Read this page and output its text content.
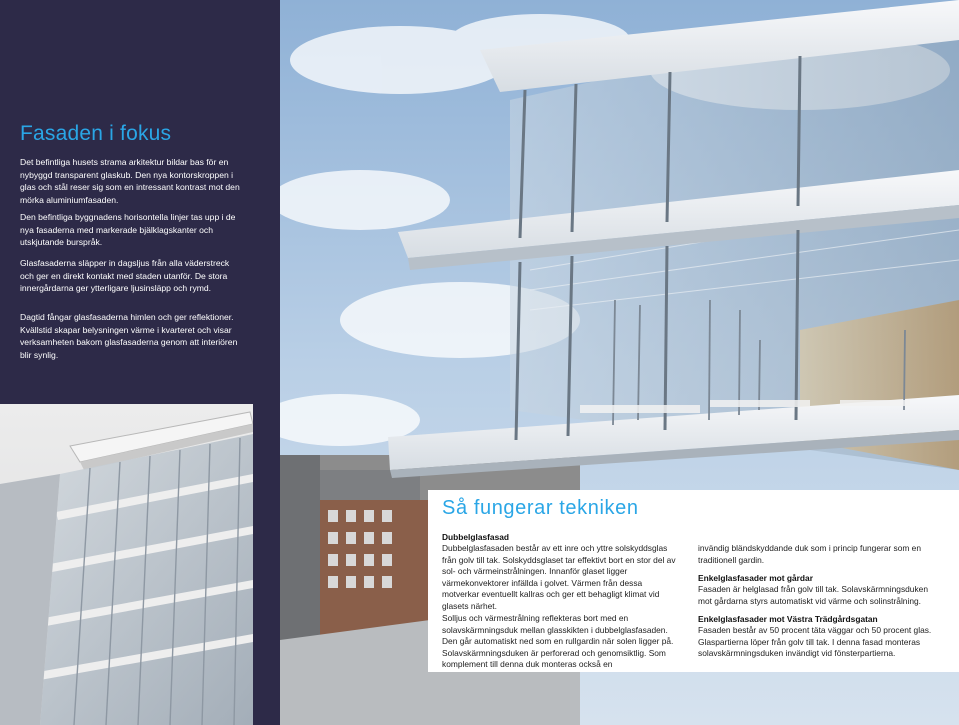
Fasaden i fokus

Det befintliga husets strama arkitektur bildar bas för en nybyggd transparent glaskub. Den nya kontorskroppen i glas och stål reser sig som en intressant kontrast mot den mörka aluminiumfasaden.

Den befintliga byggnadens horisontella linjer tas upp i de nya fasaderna med markerade bjälklagskanter och utskjutande burspråk.

Glasfasaderna släpper in dagsljus från alla väderstreck och ger en direkt kontakt med staden utanför. De stora innergårdarna ger ytterligare ljusinsläpp och rymd.

Dagtid fångar glasfasaderna himlen och ger reflektioner. Kvällstid skapar belysningen värme i kvarteret och visar verksamheten bakom glasfasaderna genom att interiören blir synlig.

Så fungerar tekniken
Dubbelglasfasad

Dubbelglasfasaden består av ett inre och yttre solskyddsglas från golv till tak. Solskyddsglaset tar effektivt bort en stor del av sol- och värmeinstrålningen. Innanför glaset ligger värmekonvektorer infällda i golvet. Värmen från dessa motverkar eventuellt kallras och ger ett behagligt klimat vid glasets närhet.

Solljus och värmestrålning reflekteras bort med en solavskärmningsduk mellan glasskikten i dubbelglasfasaden. Den går automatiskt ned som en rullgardin när solen ligger på. Solavskärmningsduken är perforerad och genomsiktlig. Som komplement till denna duk monteras också en

invändig bländskyddande duk som i princip fungerar som en traditionell gardin.

Enkelglasfasader mot gårdar

Fasaden är helglasad från golv till tak. Solavskärmningsduken mot gårdarna styrs automatiskt vid värme och solinstrålning.

Enkelglasfasader mot Västra Trädgårdsgatan

Fasaden består av 50 procent täta väggar och 50 procent glas. Glaspartierna löper från golv till tak. I denna fasad monteras solavskärmningsduken invändigt vid fönsterpartierna.
